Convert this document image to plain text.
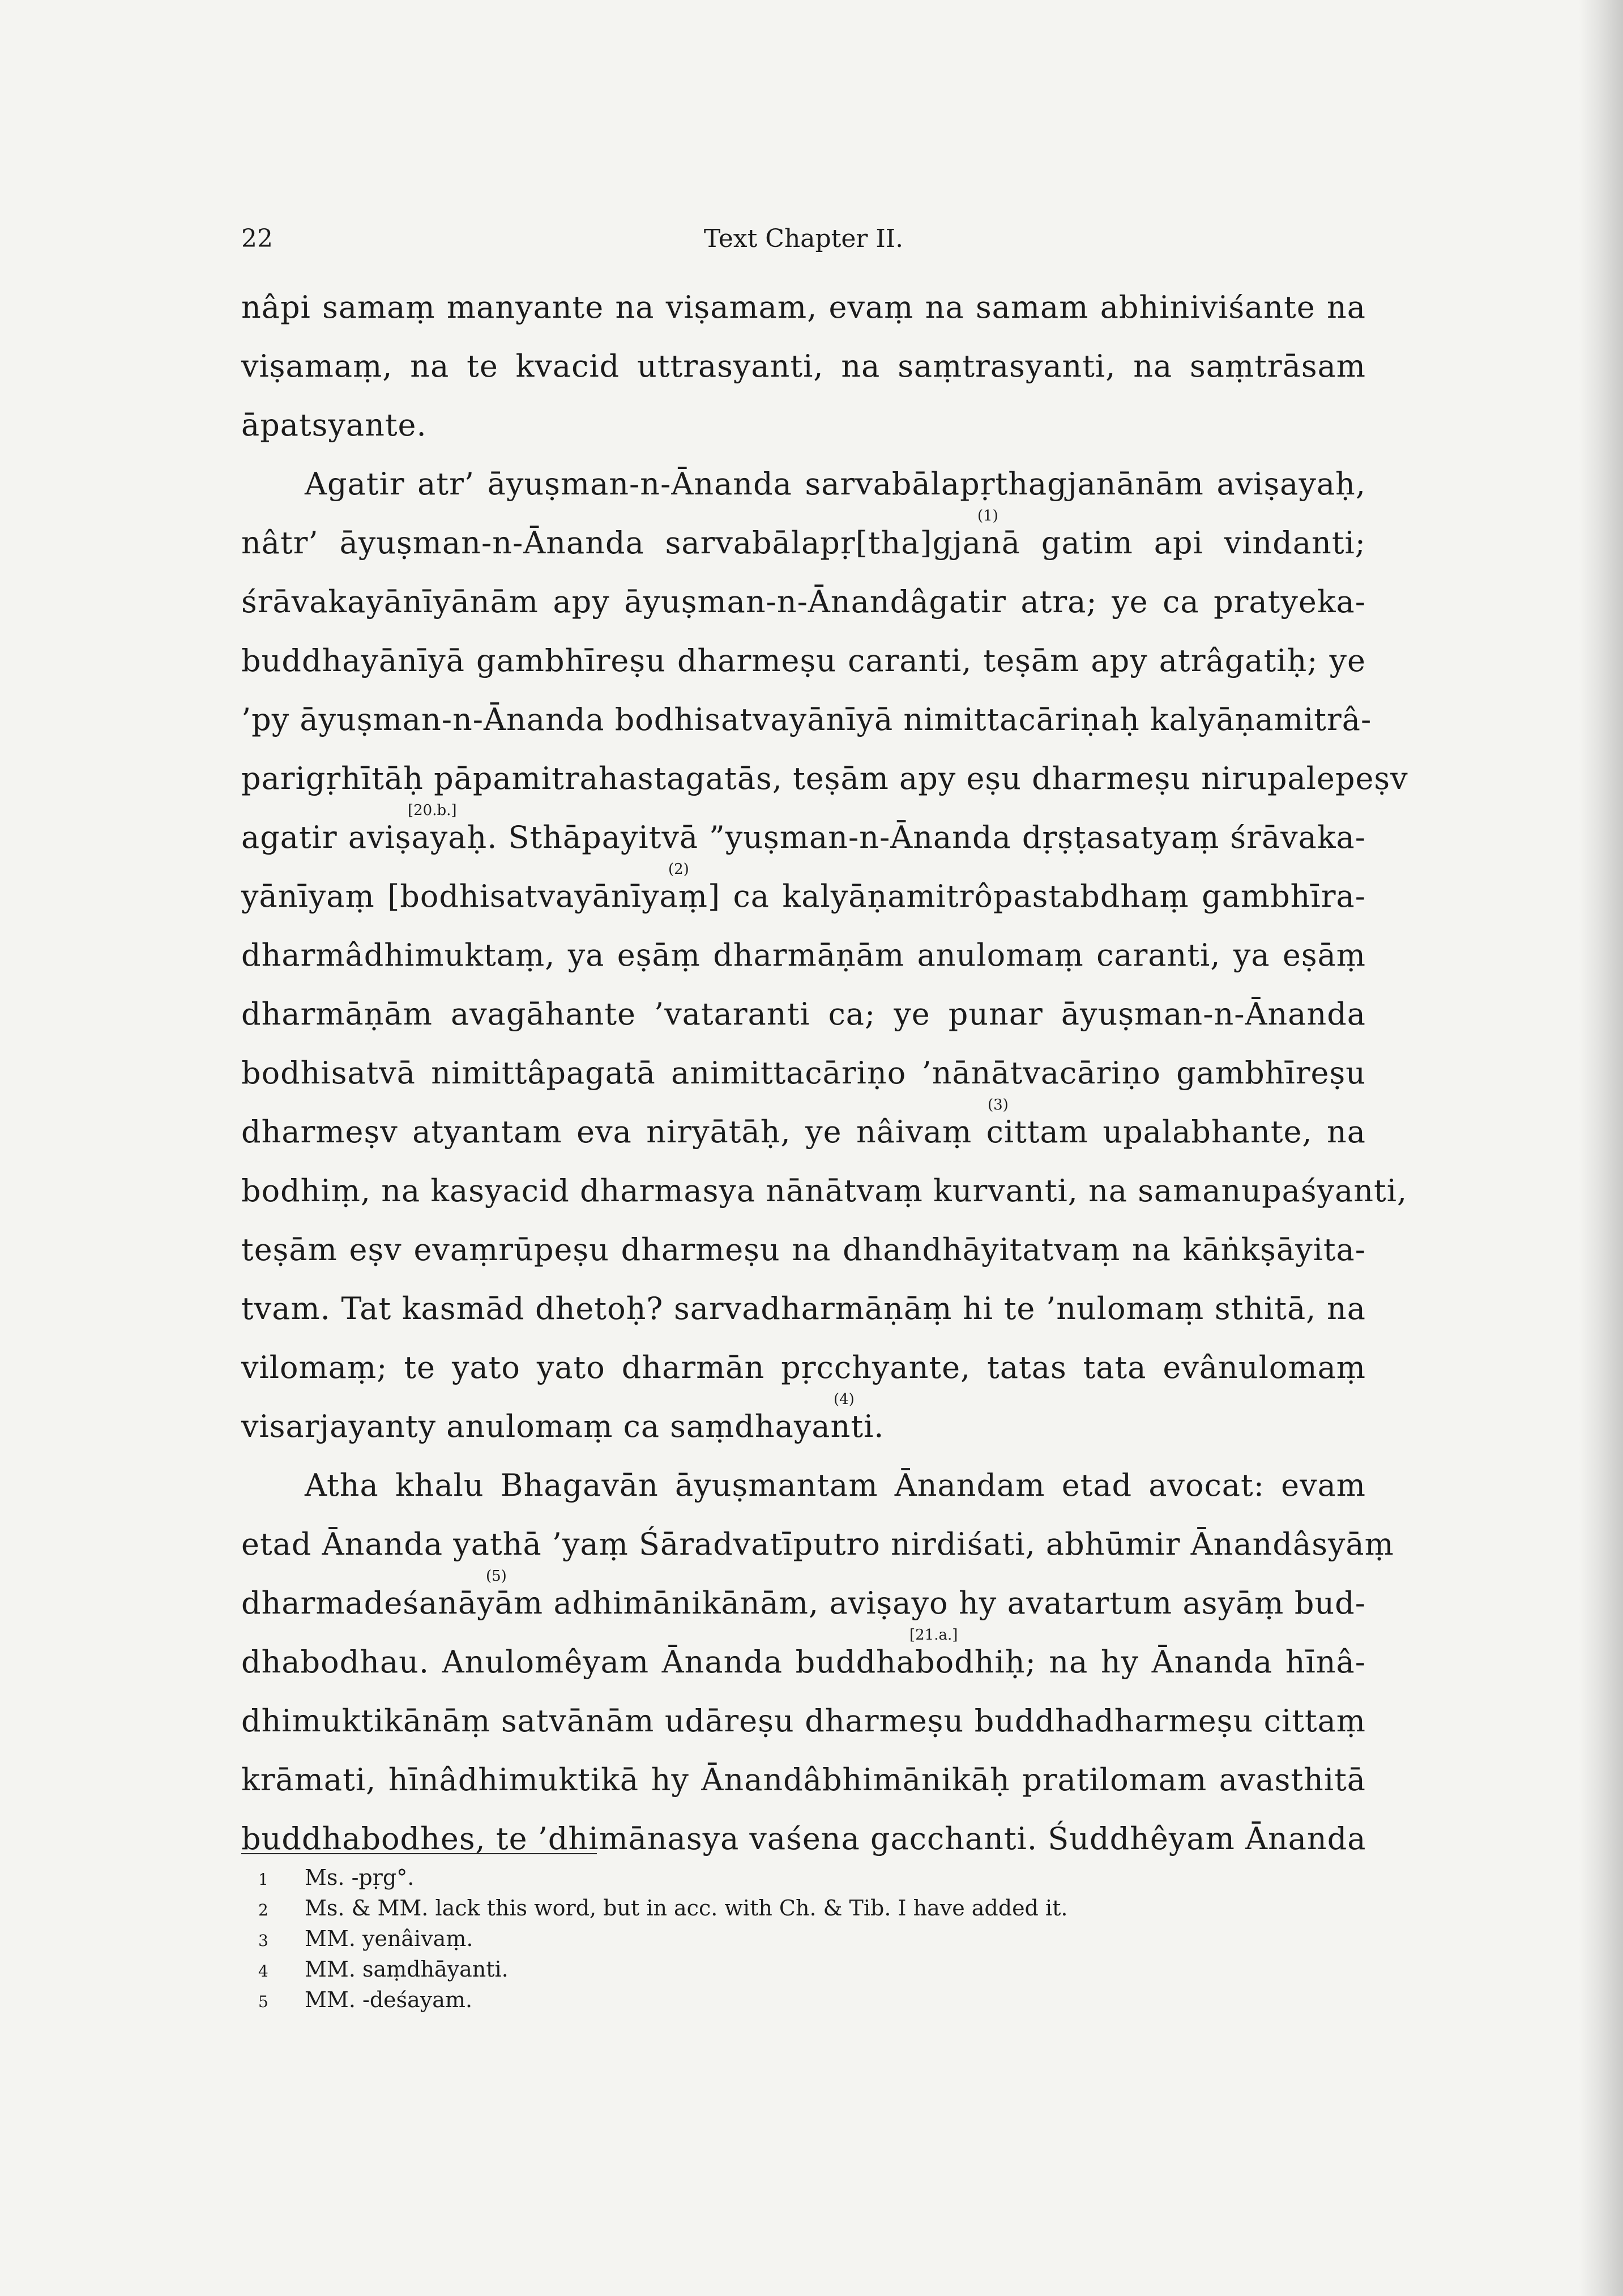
22	Text Chapter II.
nâpi samaṃ manyante na viṣamam, evaṃ na samam abhiniviśante na
viṣamaṃ, na te kvacid uttrasyanti, na saṃtrasyanti, na saṃtrāsam
āpatsyante.
Agatir atr’ āyuṣman-n-Ānanda sarvabālapṛthagjanānām aviṣayaḥ,
nâtr’ āyuṣman-n-Ānanda sarvabālapṛ[tha]gjanā gatim api vindanti;
(1)
śrāvakayānīyānām apy āyuṣman-n-Ānandâgatir atra; ye ca pratyeka-
buddhayānīyā gambhīreṣu dharmeṣu caranti, teṣām apy atrâgatiḥ; ye
’py āyuṣman-n-Ānanda bodhisatvayānīyā nimittacāriṇaḥ kalyāṇamitrâ-
parigṛhītāḥ pāpamitrahastagatās, teṣām apy eṣu dharmeṣu nirupalepeṣv
agatir aviṣayaḥ. Sthāpayitvā ”yuṣman-n-Ānanda dṛṣṭasatyaṃ śrāvaka-
[20.b.]
yānīyaṃ [bodhisatvayānīyaṃ] ca kalyāṇamitrôpastabdhaṃ gambhīra-
(2)
dharmâdhimuktaṃ, ya eṣāṃ dharmāṇām anulomaṃ caranti, ya eṣāṃ
dharmāṇām avagāhante ’vataranti ca; ye punar āyuṣman-n-Ānanda
bodhisatvā nimittâpagatā animittacāriṇo ’nānātvacāriṇo gambhīreṣu
dharmeṣv atyantam eva niryātāḥ, ye nâivaṃ cittam upalabhante, na
(3)
bodhiṃ, na kasyacid dharmasya nānātvaṃ kurvanti, na samanupaśyanti,
teṣām eṣv evaṃrūpeṣu dharmeṣu na dhandhāyitatvaṃ na kāṅkṣāyita-
tvam. Tat kasmād dhetoḥ? sarvadharmāṇāṃ hi te ’nulomaṃ sthitā, na
vilomaṃ; te yato yato dharmān pṛcchyante, tatas tata evânulomaṃ
visarjayanty anulomaṃ ca saṃdhayanti.
(4)
Atha khalu Bhagavān āyuṣmantam Ānandam etad avocat: evam
etad Ānanda yathā ’yaṃ Śāradvatīputro nirdiśati, abhūmir Ānandâsyāṃ
dharmadeśanāyām adhimānikānām, aviṣayo hy avatartum asyāṃ bud-
(5)
dhabodhau. Anulomêyam Ānanda buddhabodhiḥ; na hy Ānanda hīnâ-
[21.a.]
dhimuktikānāṃ satvānām udāreṣu dharmeṣu buddhadharmeṣu cittaṃ
krāmati, hīnâdhimuktikā hy Ānandâbhimānikāḥ pratilomam avasthitā
buddhabodhes, te ’dhimānasya vaśena gacchanti. Śuddhêyam Ānanda
1 Ms. -pṛg°.
2 Ms. & MM. lack this word, but in acc. with Ch. & Tib. I have added it.
3 MM. yenâivaṃ.
4 MM. saṃdhāyanti.
5 MM. -deśayam.
